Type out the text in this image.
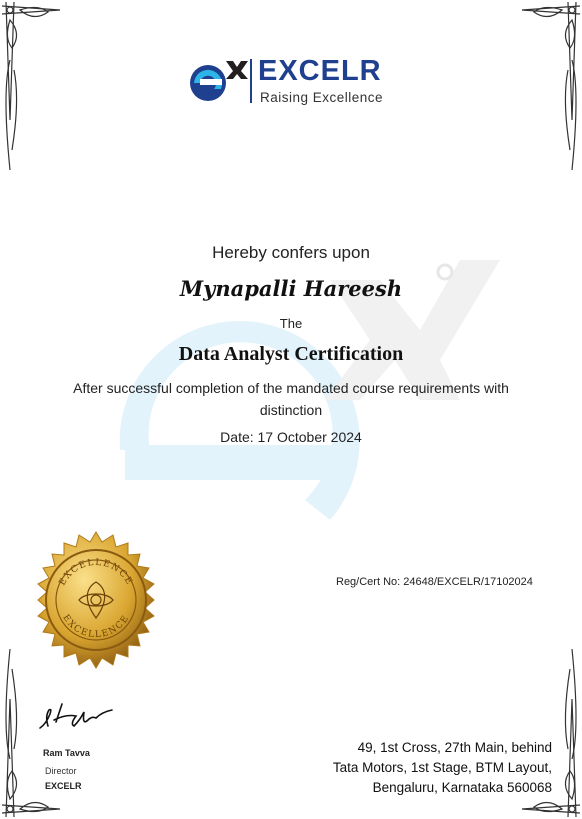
EXCELR
Raising Excellence
Hereby confers upon
Mynapalli Hareesh
The
Data Analyst Certification
After successful completion of the mandated course requirements with distinction
Date: 17 October 2024
EXCELLENCE
EXCELLENCE
Reg/Cert No: 24648/EXCELR/17102024
Ram Tavva
Director
EXCELR
49, 1st Cross, 27th Main, behind
Tata Motors, 1st Stage, BTM Layout,
Bengaluru, Karnataka 560068
